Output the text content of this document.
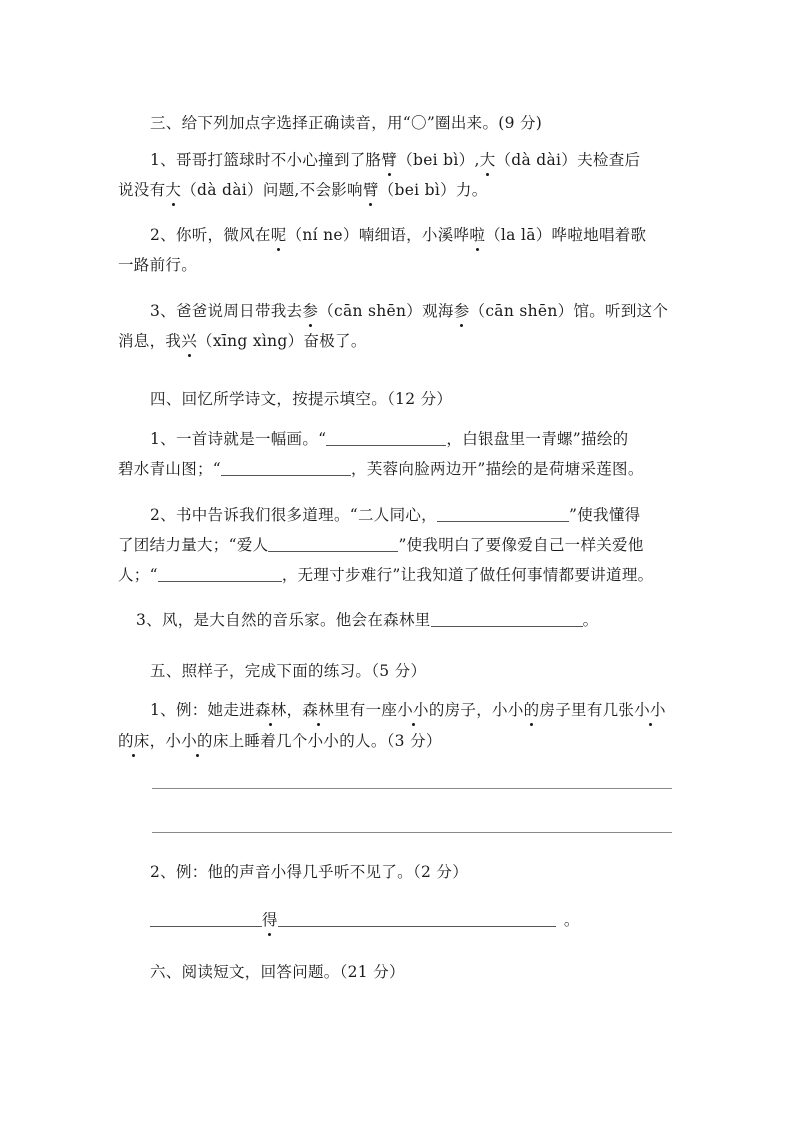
三、给下列加点字选择正确读音，用“〇”圈出来。(9 分)
1、哥哥打篮球时不小心撞到了胳臂（bei bì）,大（dà dài）夫检查后
说没有大（dà dài）问题,不会影响臂（bei bì）力。
2、你听，微风在呢（ní ne）喃细语，小溪哗啦（la lā）哗啦地唱着歌
一路前行。
3、爸爸说周日带我去参（cān shēn）观海参（cān shēn）馆。听到这个
消息，我兴（xīng xìng）奋极了。
四、回忆所学诗文，按提示填空。（12 分）
1、一首诗就是一幅画。“	，白银盘里一青螺”描绘的
碧水青山图；“	，芙蓉向脸两边开”描绘的是荷塘采莲图。
2、书中告诉我们很多道理。“二人同心，	”使我懂得
了团结力量大；“爱人	”使我明白了要像爱自己一样关爱他
人；“	，无理寸步难行”让我知道了做任何事情都要讲道理。
3、风，是大自然的音乐家。他会在森林里	。
五、照样子，完成下面的练习。（5 分）
1、例：她走进森林，森林里有一座小小的房子，小小的房子里有几张小小
的床，小小的床上睡着几个小小的人。（3 分）
2、例：他的声音小得几乎听不见了。（2 分）
得	。
六、阅读短文，回答问题。（21 分）
